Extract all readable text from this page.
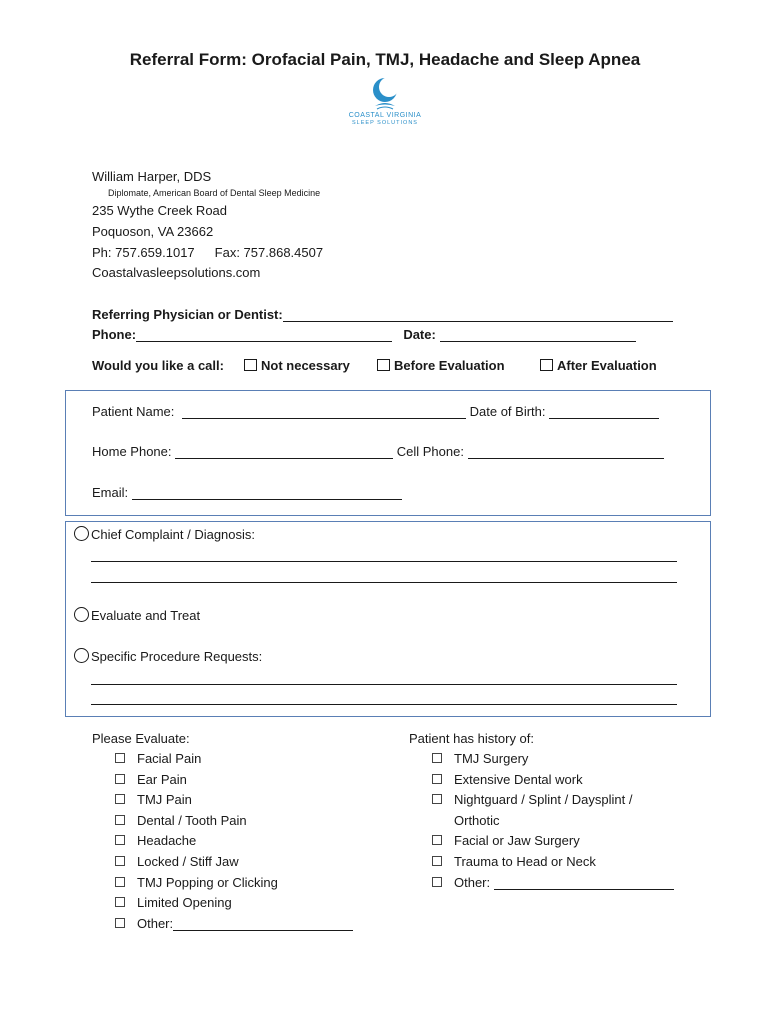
Referral Form: Orofacial Pain, TMJ, Headache and Sleep Apnea
COASTAL VIRGINIA
SLEEP SOLUTIONS
William Harper, DDS
Diplomate, American Board of Dental Sleep Medicine
235 Wythe Creek Road
Poquoson, VA 23662
Ph: 757.659.1017 Fax: 757.868.4507
Coastalvasleepsolutions.com
Referring Physician or Dentist:
Phone:	Date:
Would you like a call:	Not necessary	Before Evaluation	After Evaluation
Patient Name:	Date of Birth:
Home Phone:	Cell Phone:
Email:
Chief Complaint / Diagnosis:
Evaluate and Treat
Specific Procedure Requests:
Please Evaluate:
Facial Pain
Ear Pain
TMJ Pain
Dental / Tooth Pain
Headache
Locked / Stiff Jaw
TMJ Popping or Clicking
Limited Opening
Other:
Patient has history of:
TMJ Surgery
Extensive Dental work
Nightguard / Splint / Daysplint /
Orthotic
Facial or Jaw Surgery
Trauma to Head or Neck
Other:
